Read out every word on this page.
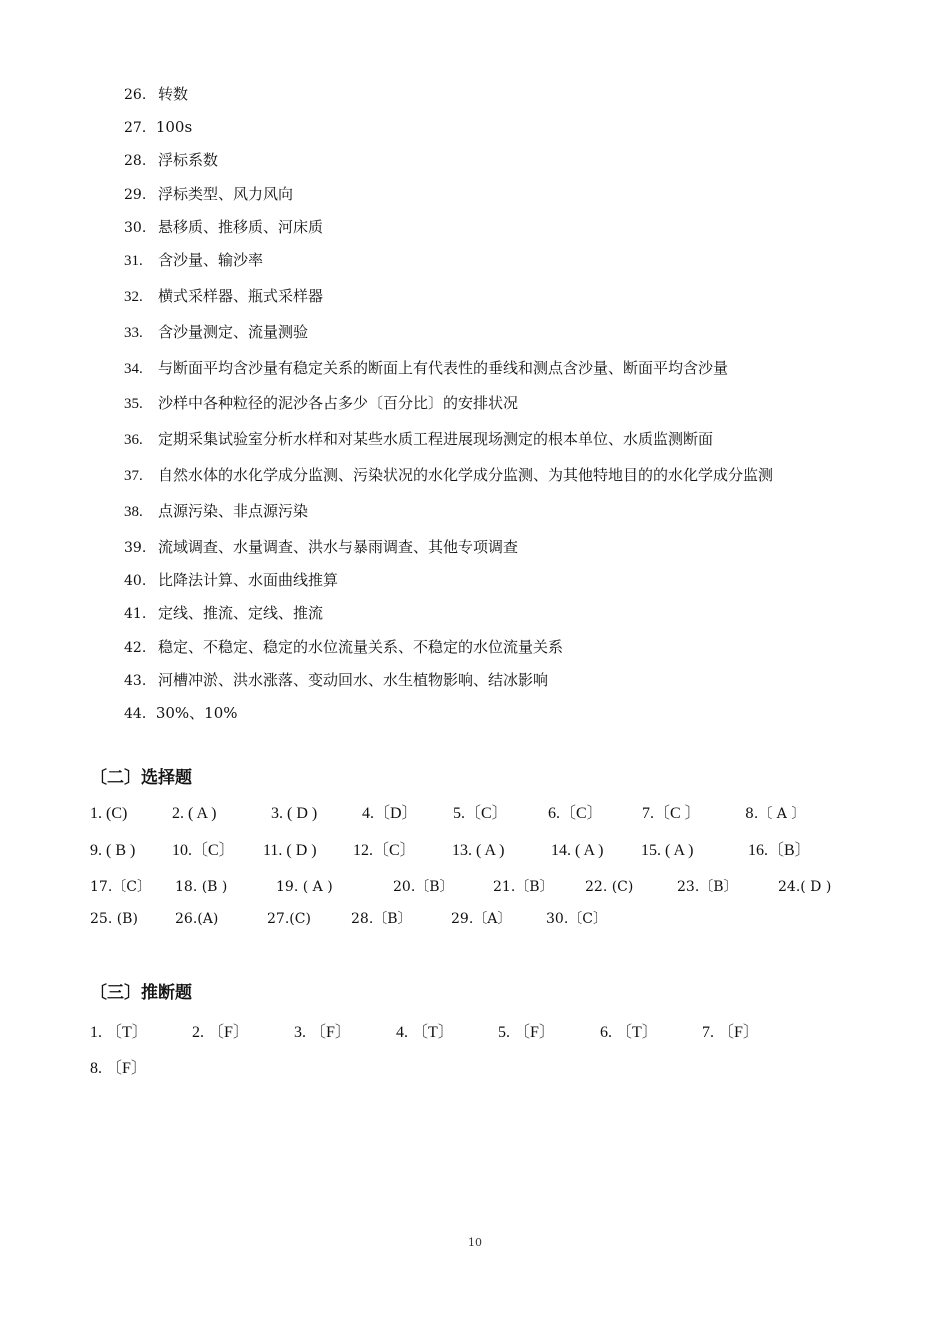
26. 转数
27．100s
28. 浮标系数
29. 浮标类型、风力风向
30. 悬移质、推移质、河床质
31. 含沙量、输沙率
32. 横式采样器、瓶式采样器
33. 含沙量测定、流量测验
34. 与断面平均含沙量有稳定关系的断面上有代表性的垂线和测点含沙量、断面平均含沙量
35. 沙样中各种粒径的泥沙各占多少〔百分比〕的安排状况
36. 定期采集试验室分析水样和对某些水质工程进展现场测定的根本单位、水质监测断面
37. 自然水体的水化学成分监测、污染状况的水化学成分监测、为其他特地目的的水化学成分监测
38. 点源污染、非点源污染
39. 流域调查、水量调查、洪水与暴雨调查、其他专项调查
40. 比降法计算、水面曲线推算
41. 定线、推流、定线、推流
42. 稳定、不稳定、稳定的水位流量关系、不稳定的水位流量关系
43. 河槽冲淤、洪水涨落、变动回水、水生植物影响、结冰影响
44．30%、10%
〔二〕选择题
1. (C)	2. ( A )	3. ( D )	4.〔D〕 5.〔C〕	6.〔C〕 7.〔C 〕	8.〔 A 〕
9. ( B ) 10.〔C〕 11. ( D ) 12.〔C〕 13. ( A )	14. ( A ) 15. ( A )	16.〔B〕
17.〔C〕 18. (B )	19. ( A )	20.〔B〕	21.〔B〕 22. (C)	23.〔B〕	24.( D )
25. (B)	26.(A)	27.(C)	28.〔B〕	29.〔A〕 30.〔C〕
〔三〕推断题
1. 〔T〕	2. 〔F〕	3. 〔F〕	4. 〔T〕	5. 〔F〕	6. 〔T〕	7. 〔F〕
8. 〔F〕
10
